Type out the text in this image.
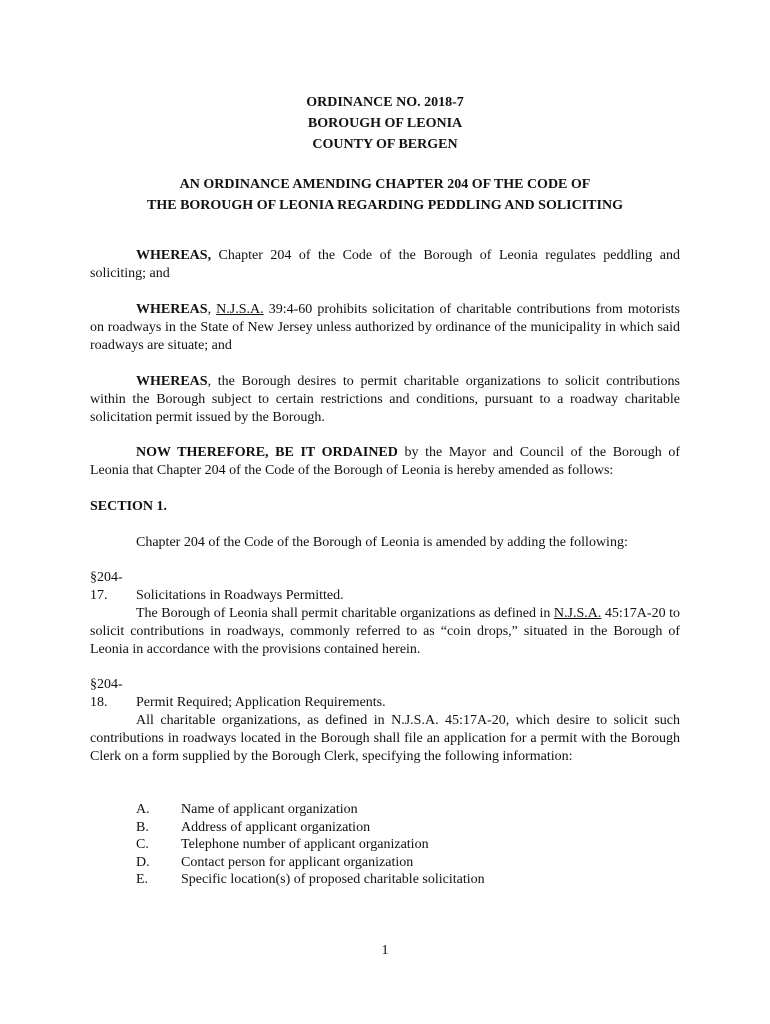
ORDINANCE NO. 2018-7
BOROUGH OF LEONIA
COUNTY OF BERGEN
AN ORDINANCE AMENDING CHAPTER 204 OF THE CODE OF
THE BOROUGH OF LEONIA REGARDING PEDDLING AND SOLICITING
WHEREAS, Chapter 204 of the Code of the Borough of Leonia regulates peddling and soliciting; and
WHEREAS, N.J.S.A. 39:4-60 prohibits solicitation of charitable contributions from motorists on roadways in the State of New Jersey unless authorized by ordinance of the municipality in which said roadways are situate; and
WHEREAS, the Borough desires to permit charitable organizations to solicit contributions within the Borough subject to certain restrictions and conditions, pursuant to a roadway charitable solicitation permit issued by the Borough.
NOW THEREFORE, BE IT ORDAINED by the Mayor and Council of the Borough of Leonia that Chapter 204 of the Code of the Borough of Leonia is hereby amended as follows:
SECTION 1.
Chapter 204 of the Code of the Borough of Leonia is amended by adding the following:
§204-17. Solicitations in Roadways Permitted.
The Borough of Leonia shall permit charitable organizations as defined in N.J.S.A. 45:17A-20 to solicit contributions in roadways, commonly referred to as “coin drops,” situated in the Borough of Leonia in accordance with the provisions contained herein.
§204-18. Permit Required; Application Requirements.
All charitable organizations, as defined in N.J.S.A. 45:17A-20, which desire to solicit such contributions in roadways located in the Borough shall file an application for a permit with the Borough Clerk on a form supplied by the Borough Clerk, specifying the following information:
A. Name of applicant organization
B. Address of applicant organization
C. Telephone number of applicant organization
D. Contact person for applicant organization
E. Specific location(s) of proposed charitable solicitation
1
